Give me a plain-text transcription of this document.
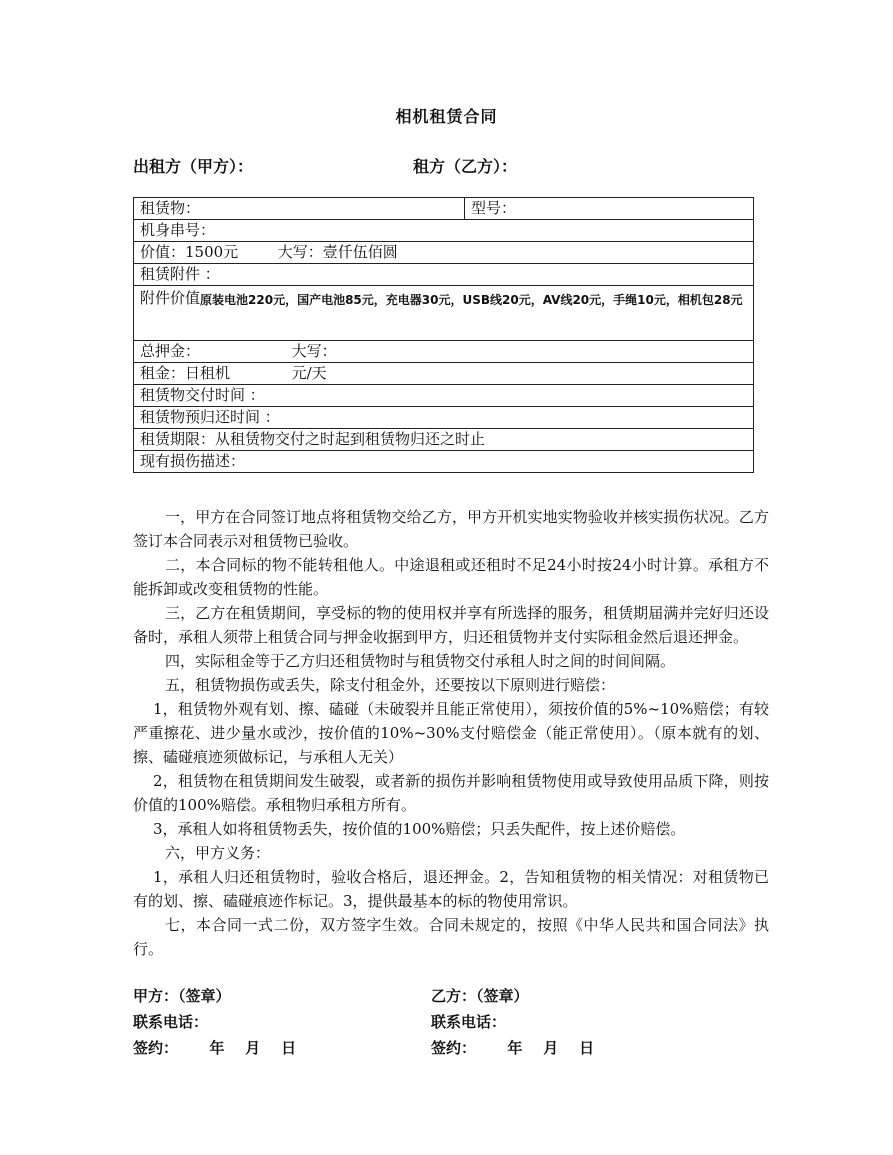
相机租赁合同
出租方（甲方）：	租方（乙方）：
租赁物：	型号：
机身串号：
价值：1500元	大写：壹仟伍佰圆
租赁附件 ：

附件价值 原装电池220元，国产电池85元，充电器30元，USB线20元，AV线20元，手绳10元，相机包28元

总押金：	大写：
租金：日租机	元/天
租赁物交付时间 ：
租赁物预归还时间 ：
租赁期限：从租赁物交付之时起到租赁物归还之时止
现有损伤描述：

一，甲方在合同签订地点将租赁物交给乙方，甲方开机实地实物验收并核实损伤状况。乙方签订本合同表示对租赁物已验收。

二，本合同标的物不能转租他人。中途退租或还租时不足24小时按24小时计算。承租方不能拆卸或改变租赁物的性能。

三，乙方在租赁期间，享受标的物的使用权并享有所选择的服务，租赁期届满并完好归还设备时，承租人须带上租赁合同与押金收据到甲方，归还租赁物并支付实际租金然后退还押金。

四，实际租金等于乙方归还租赁物时与租赁物交付承租人时之间的时间间隔。

五，租赁物损伤或丢失，除支付租金外，还要按以下原则进行赔偿：

1，租赁物外观有划、擦、磕碰（未破裂并且能正常使用），须按价值的5%~10%赔偿；有较严重擦花、进少量水或沙，按价值的10%~30%支付赔偿金（能正常使用）。（原本就有的划、擦、磕碰痕迹须做标记，与承租人无关）

2，租赁物在租赁期间发生破裂，或者新的损伤并影响租赁物使用或导致使用品质下降，则按价值的100%赔偿。承租物归承租方所有。

3，承租人如将租赁物丢失，按价值的100%赔偿；只丢失配件，按上述价赔偿。

六，甲方义务：

1，承租人归还租赁物时，验收合格后，退还押金。2，告知租赁物的相关情况：对租赁物已有的划、擦、磕碰痕迹作标记。3，提供最基本的标的物使用常识。

七，本合同一式二份，双方签字生效。合同未规定的，按照《中华人民共和国合同法》执行。

甲方：（签章）
联系电话：
签约：      年    月    日
乙方：（签章）
联系电话：
签约：      年    月    日
